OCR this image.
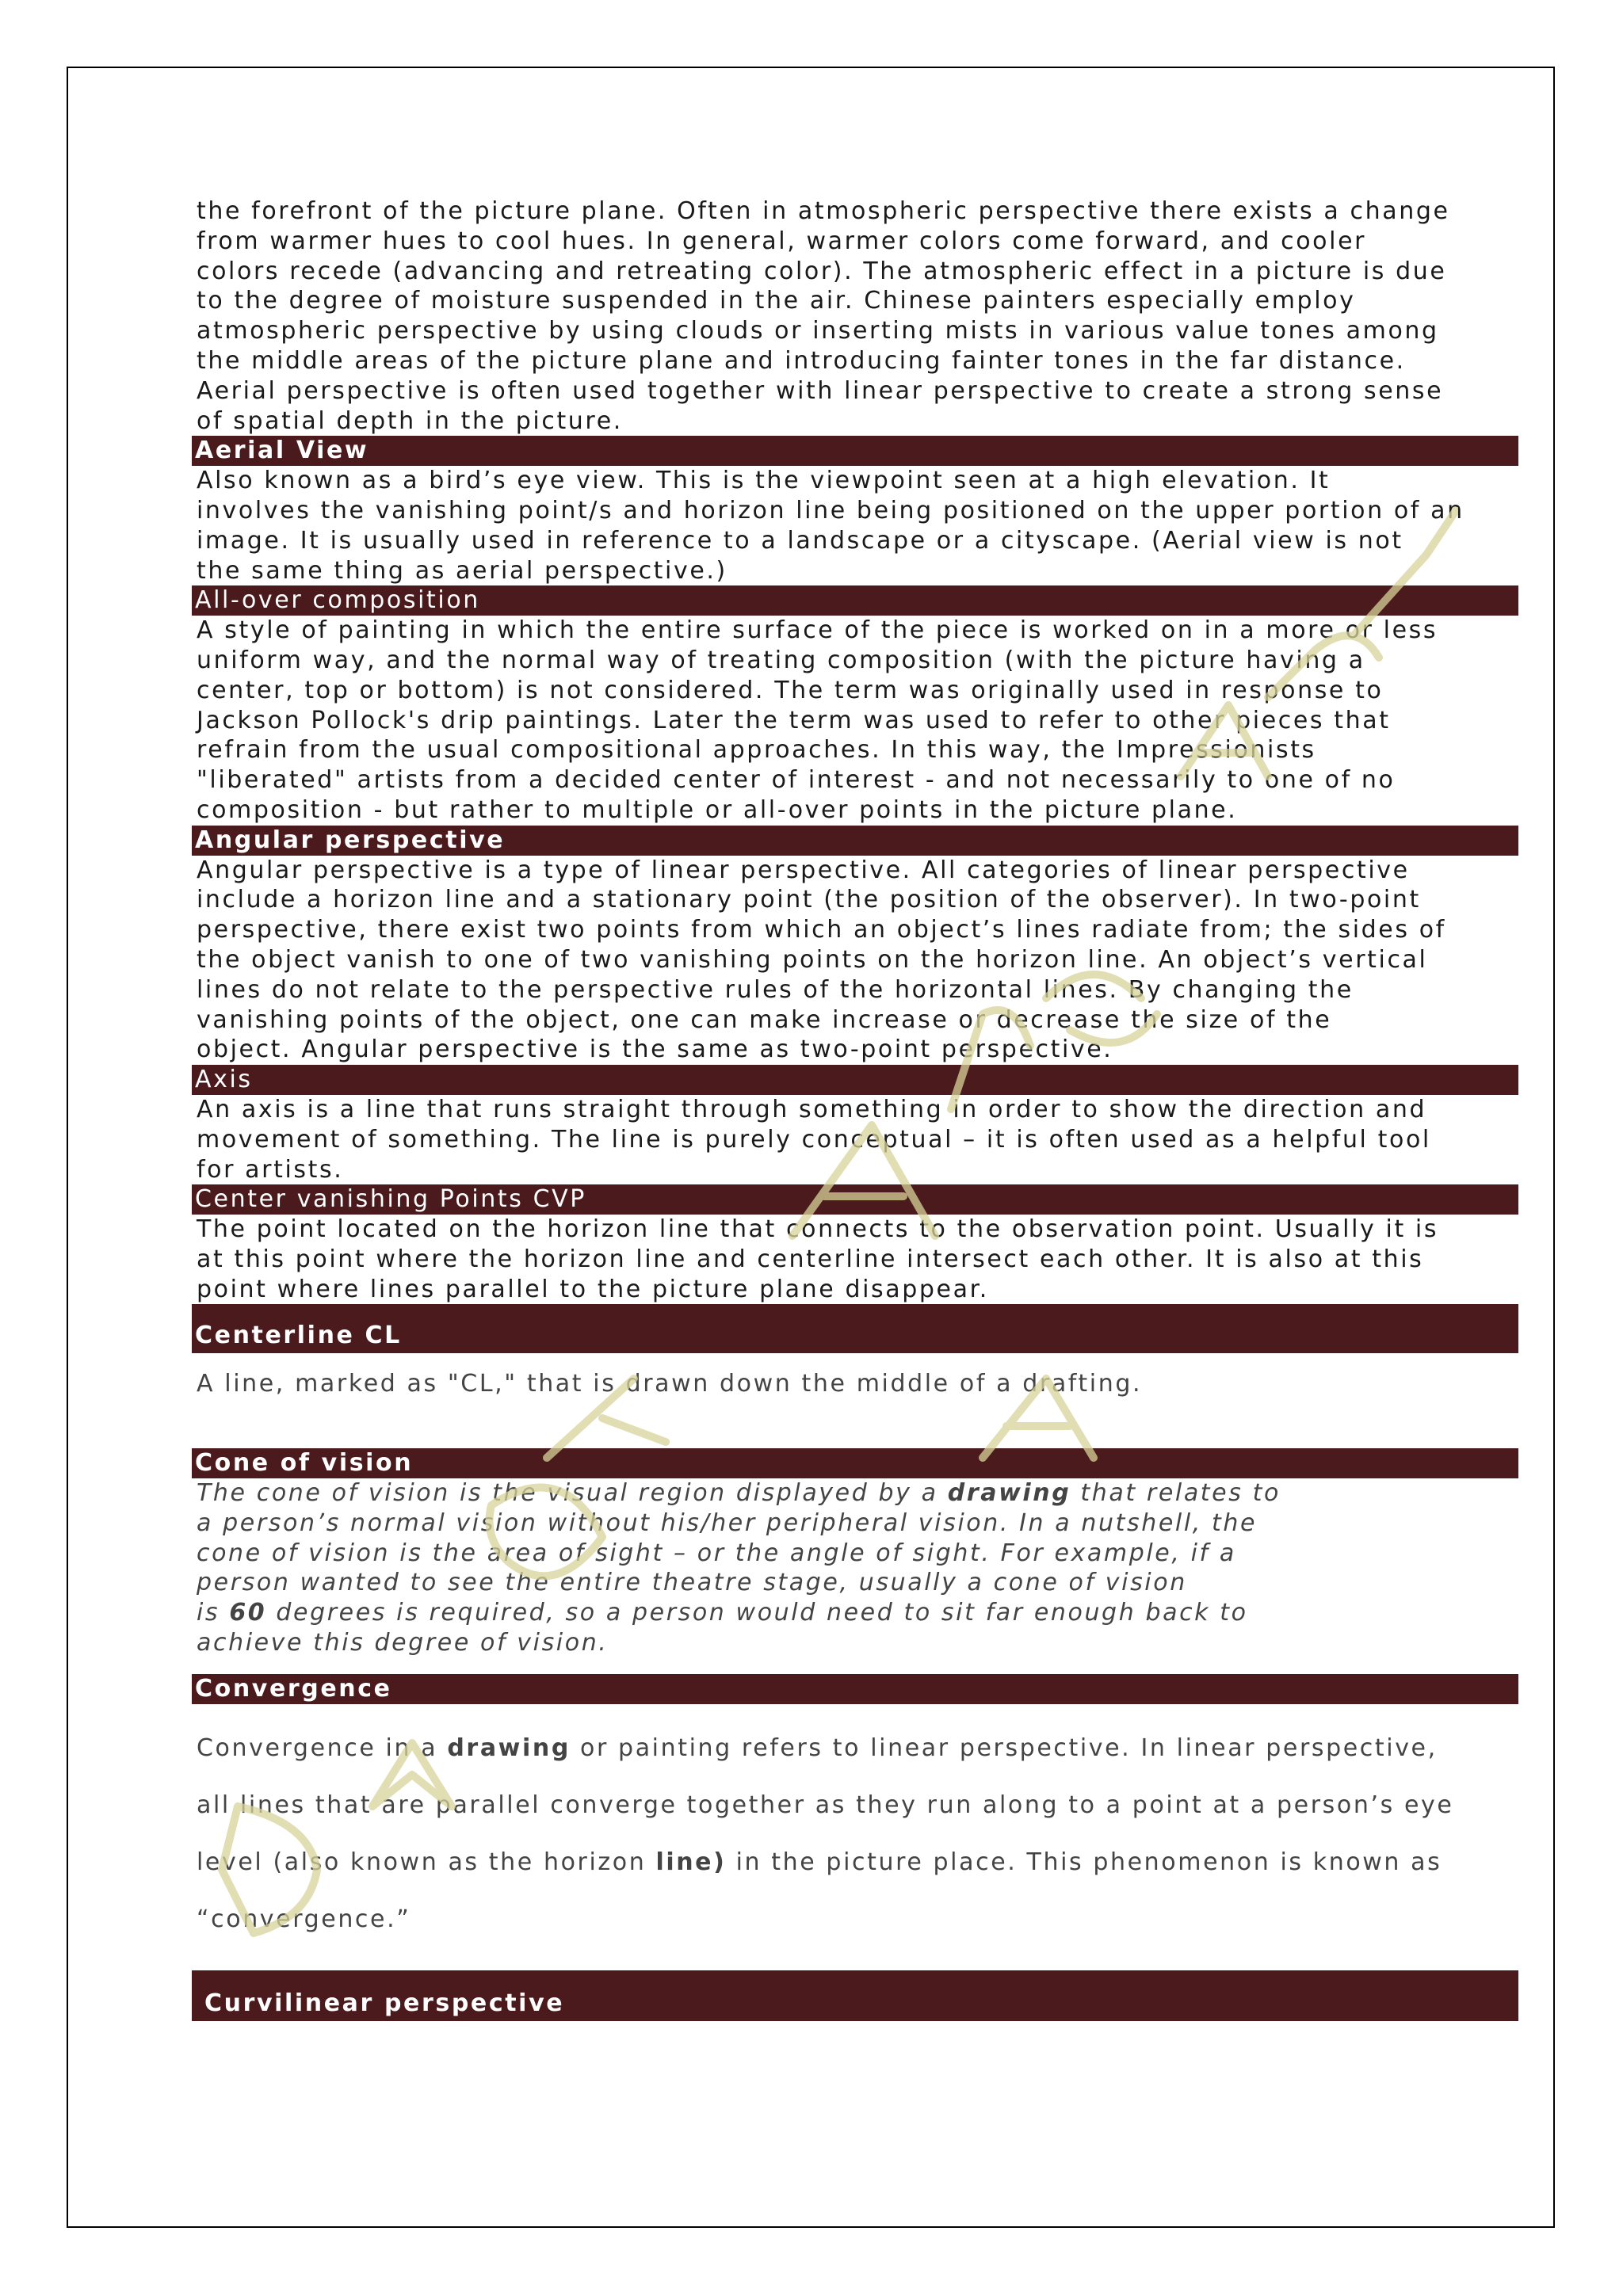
the forefront of the picture plane. Often in atmospheric perspective there exists a change
from warmer hues to cool hues. In general, warmer colors come forward, and cooler
colors recede (advancing and retreating color). The atmospheric effect in a picture is due
to the degree of moisture suspended in the air. Chinese painters especially employ
atmospheric perspective by using clouds or inserting mists in various value tones among
the middle areas of the picture plane and introducing fainter tones in the far distance.
Aerial perspective is often used together with linear perspective to create a strong sense
of spatial depth in the picture.

Aerial View

Also known as a bird’s eye view. This is the viewpoint seen at a high elevation. It
involves the vanishing point/s and horizon line being positioned on the upper portion of an
image. It is usually used in reference to a landscape or a cityscape. (Aerial view is not
the same thing as aerial perspective.)

All-over composition

A style of painting in which the entire surface of the piece is worked on in a more or less
uniform way, and the normal way of treating composition (with the picture having a
center, top or bottom) is not considered. The term was originally used in response to
Jackson Pollock's drip paintings. Later the term was used to refer to other pieces that
refrain from the usual compositional approaches. In this way, the Impressionists
"liberated" artists from a decided center of interest - and not necessarily to one of no
composition - but rather to multiple or all-over points in the picture plane.

Angular perspective

Angular perspective is a type of linear perspective. All categories of linear perspective
include a horizon line and a stationary point (the position of the observer). In two-point
perspective, there exist two points from which an object’s lines radiate from; the sides of
the object vanish to one of two vanishing points on the horizon line. An object’s vertical
lines do not relate to the perspective rules of the horizontal lines. By changing the
vanishing points of the object, one can make increase or decrease the size of the
object. Angular perspective is the same as two-point perspective.

Axis

An axis is a line that runs straight through something in order to show the direction and
movement of something. The line is purely conceptual – it is often used as a helpful tool
for artists.

Center vanishing Points CVP

The point located on the horizon line that connects to the observation point. Usually it is
at this point where the horizon line and centerline intersect each other. It is also at this
point where lines parallel to the picture plane disappear.

Centerline CL

A line, marked as "CL," that is drawn down the middle of a drafting.

Cone of vision

The cone of vision is the visual region displayed by a drawing that relates to
a person’s normal vision without his/her peripheral vision. In a nutshell, the
cone of vision is the area of sight – or the angle of sight. For example, if a
person wanted to see the entire theatre stage, usually a cone of vision
is 60 degrees is required, so a person would need to sit far enough back to
achieve this degree of vision.

Convergence

Convergence in a drawing or painting refers to linear perspective. In linear perspective,
all lines that are parallel converge together as they run along to a point at a person’s eye
level (also known as the horizon line) in the picture place. This phenomenon is known as
“convergence.”

Curvilinear perspective
